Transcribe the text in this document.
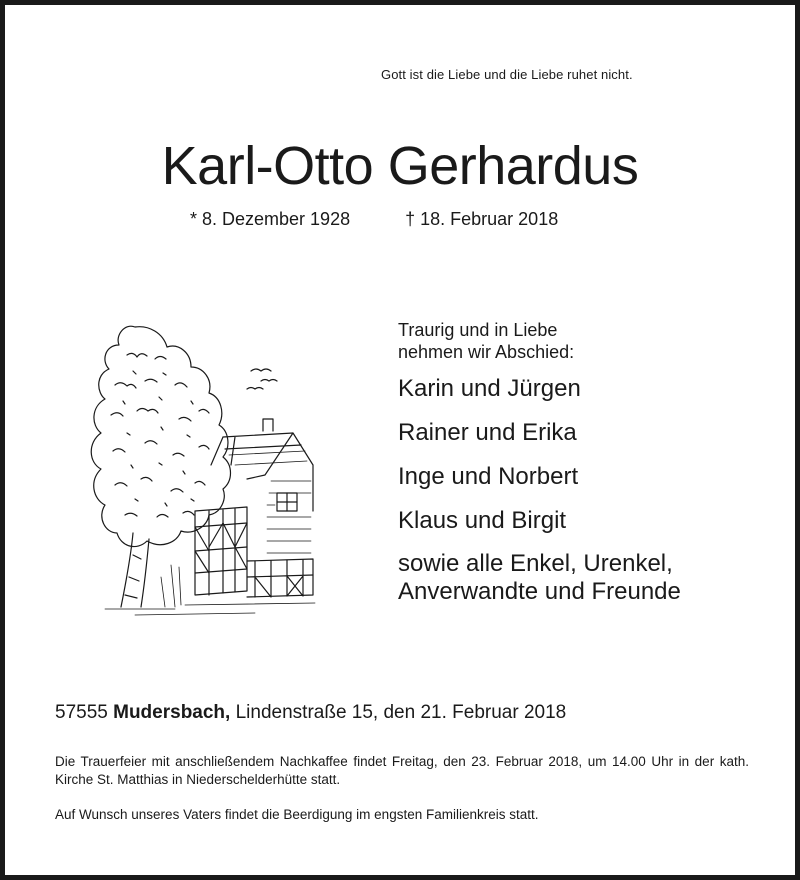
Gott ist die Liebe und die Liebe ruhet nicht.
Karl-Otto Gerhardus
* 8. Dezember 1928	† 18. Februar 2018
Traurig und in Liebe
nehmen wir Abschied:
Karin und Jürgen
Rainer und Erika
Inge und Norbert
Klaus und Birgit
sowie alle Enkel, Urenkel,
Anverwandte und Freunde
57555 Mudersbach, Lindenstraße 15, den 21. Februar 2018
Die Trauerfeier mit anschließendem Nachkaffee findet Freitag, den 23. Februar 2018, um 14.00 Uhr in der kath. Kirche St. Matthias in Niederschelderhütte statt.
Auf Wunsch unseres Vaters findet die Beerdigung im engsten Familienkreis statt.
